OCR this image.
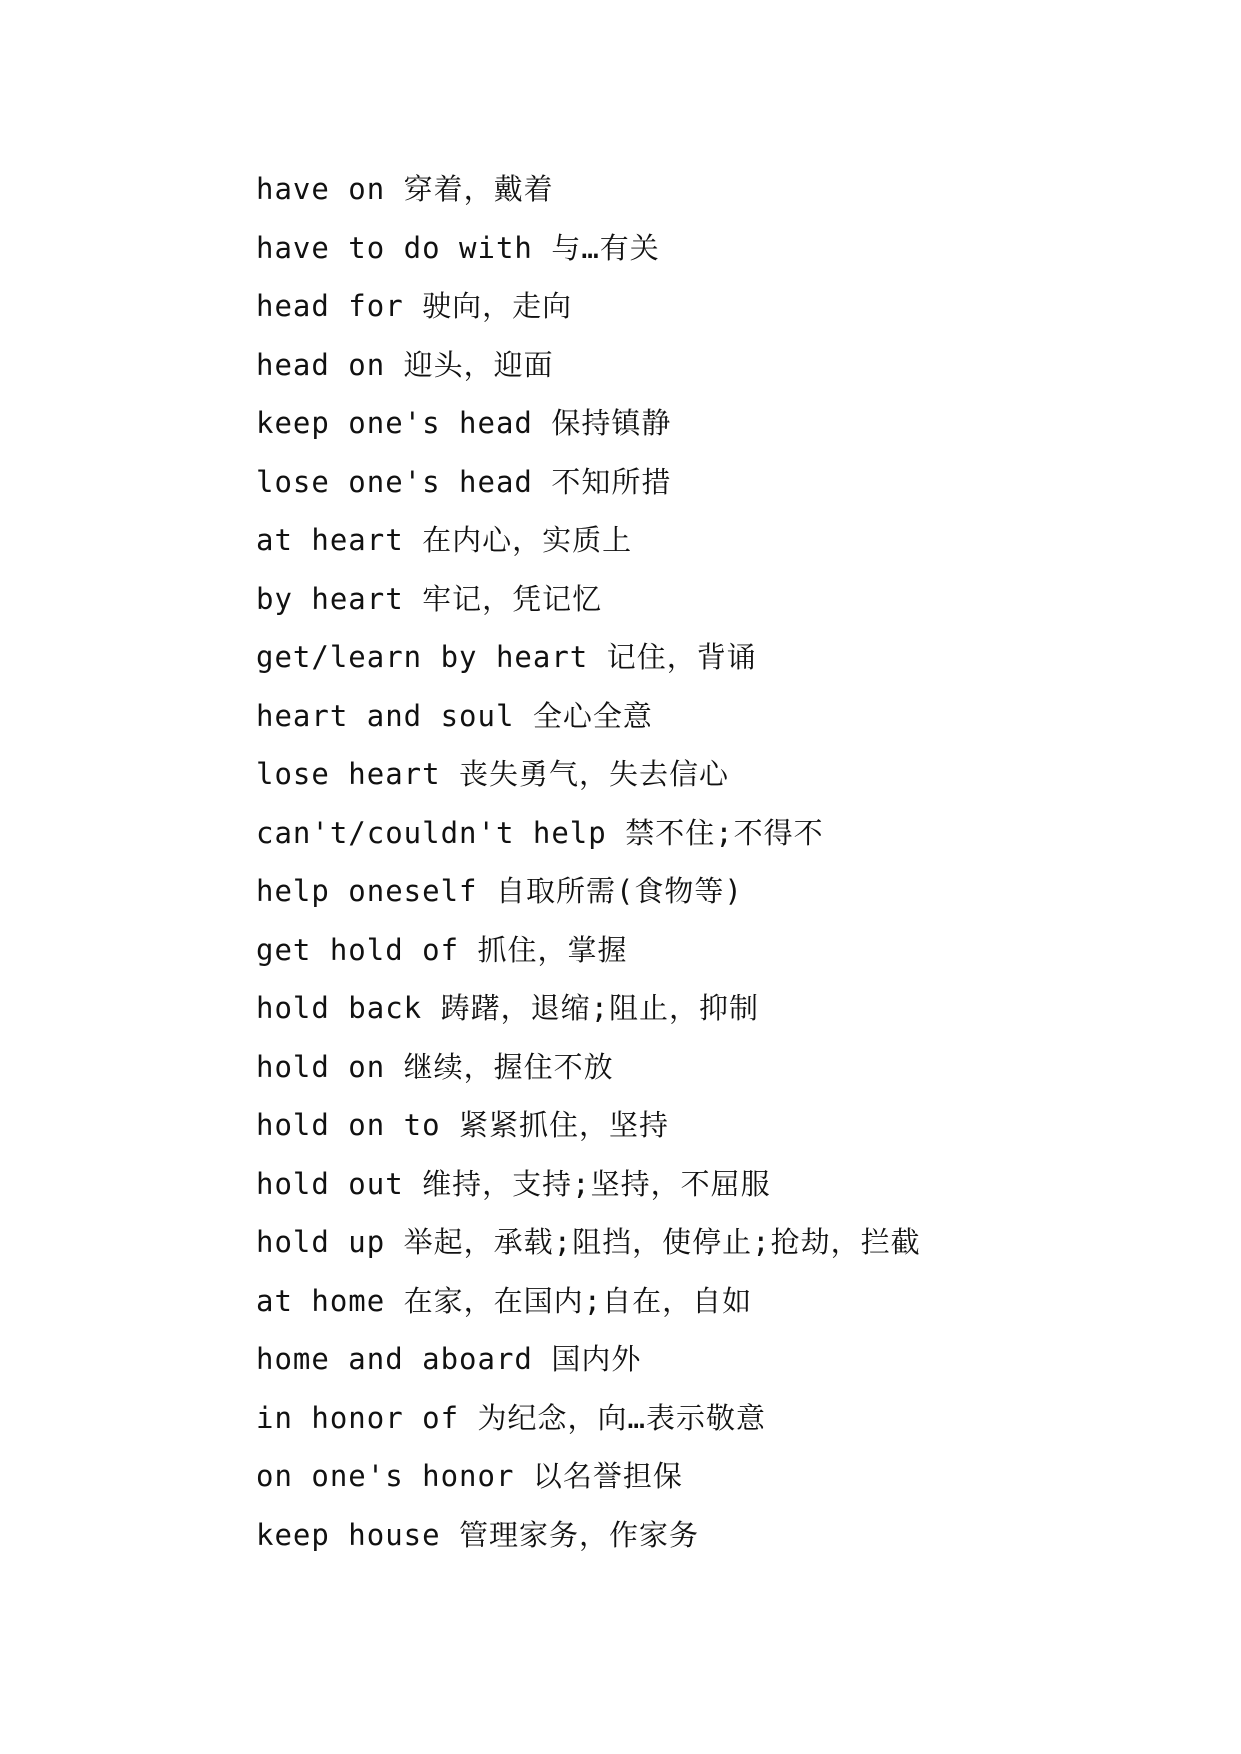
have on 穿着，戴着
have to do with 与…有关
head for 驶向，走向
head on 迎头，迎面
keep one's head 保持镇静
lose one's head 不知所措
at heart 在内心，实质上
by heart 牢记，凭记忆
get/learn by heart 记住，背诵
heart and soul 全心全意
lose heart 丧失勇气，失去信心
can't/couldn't help 禁不住;不得不
help oneself 自取所需(食物等)
get hold of 抓住，掌握
hold back 踌躇，退缩;阻止，抑制
hold on 继续，握住不放
hold on to 紧紧抓住，坚持
hold out 维持，支持;坚持，不屈服
hold up 举起，承载;阻挡，使停止;抢劫，拦截
at home 在家，在国内;自在，自如
home and aboard 国内外
in honor of 为纪念，向…表示敬意
on one's honor 以名誉担保
keep house 管理家务，作家务
